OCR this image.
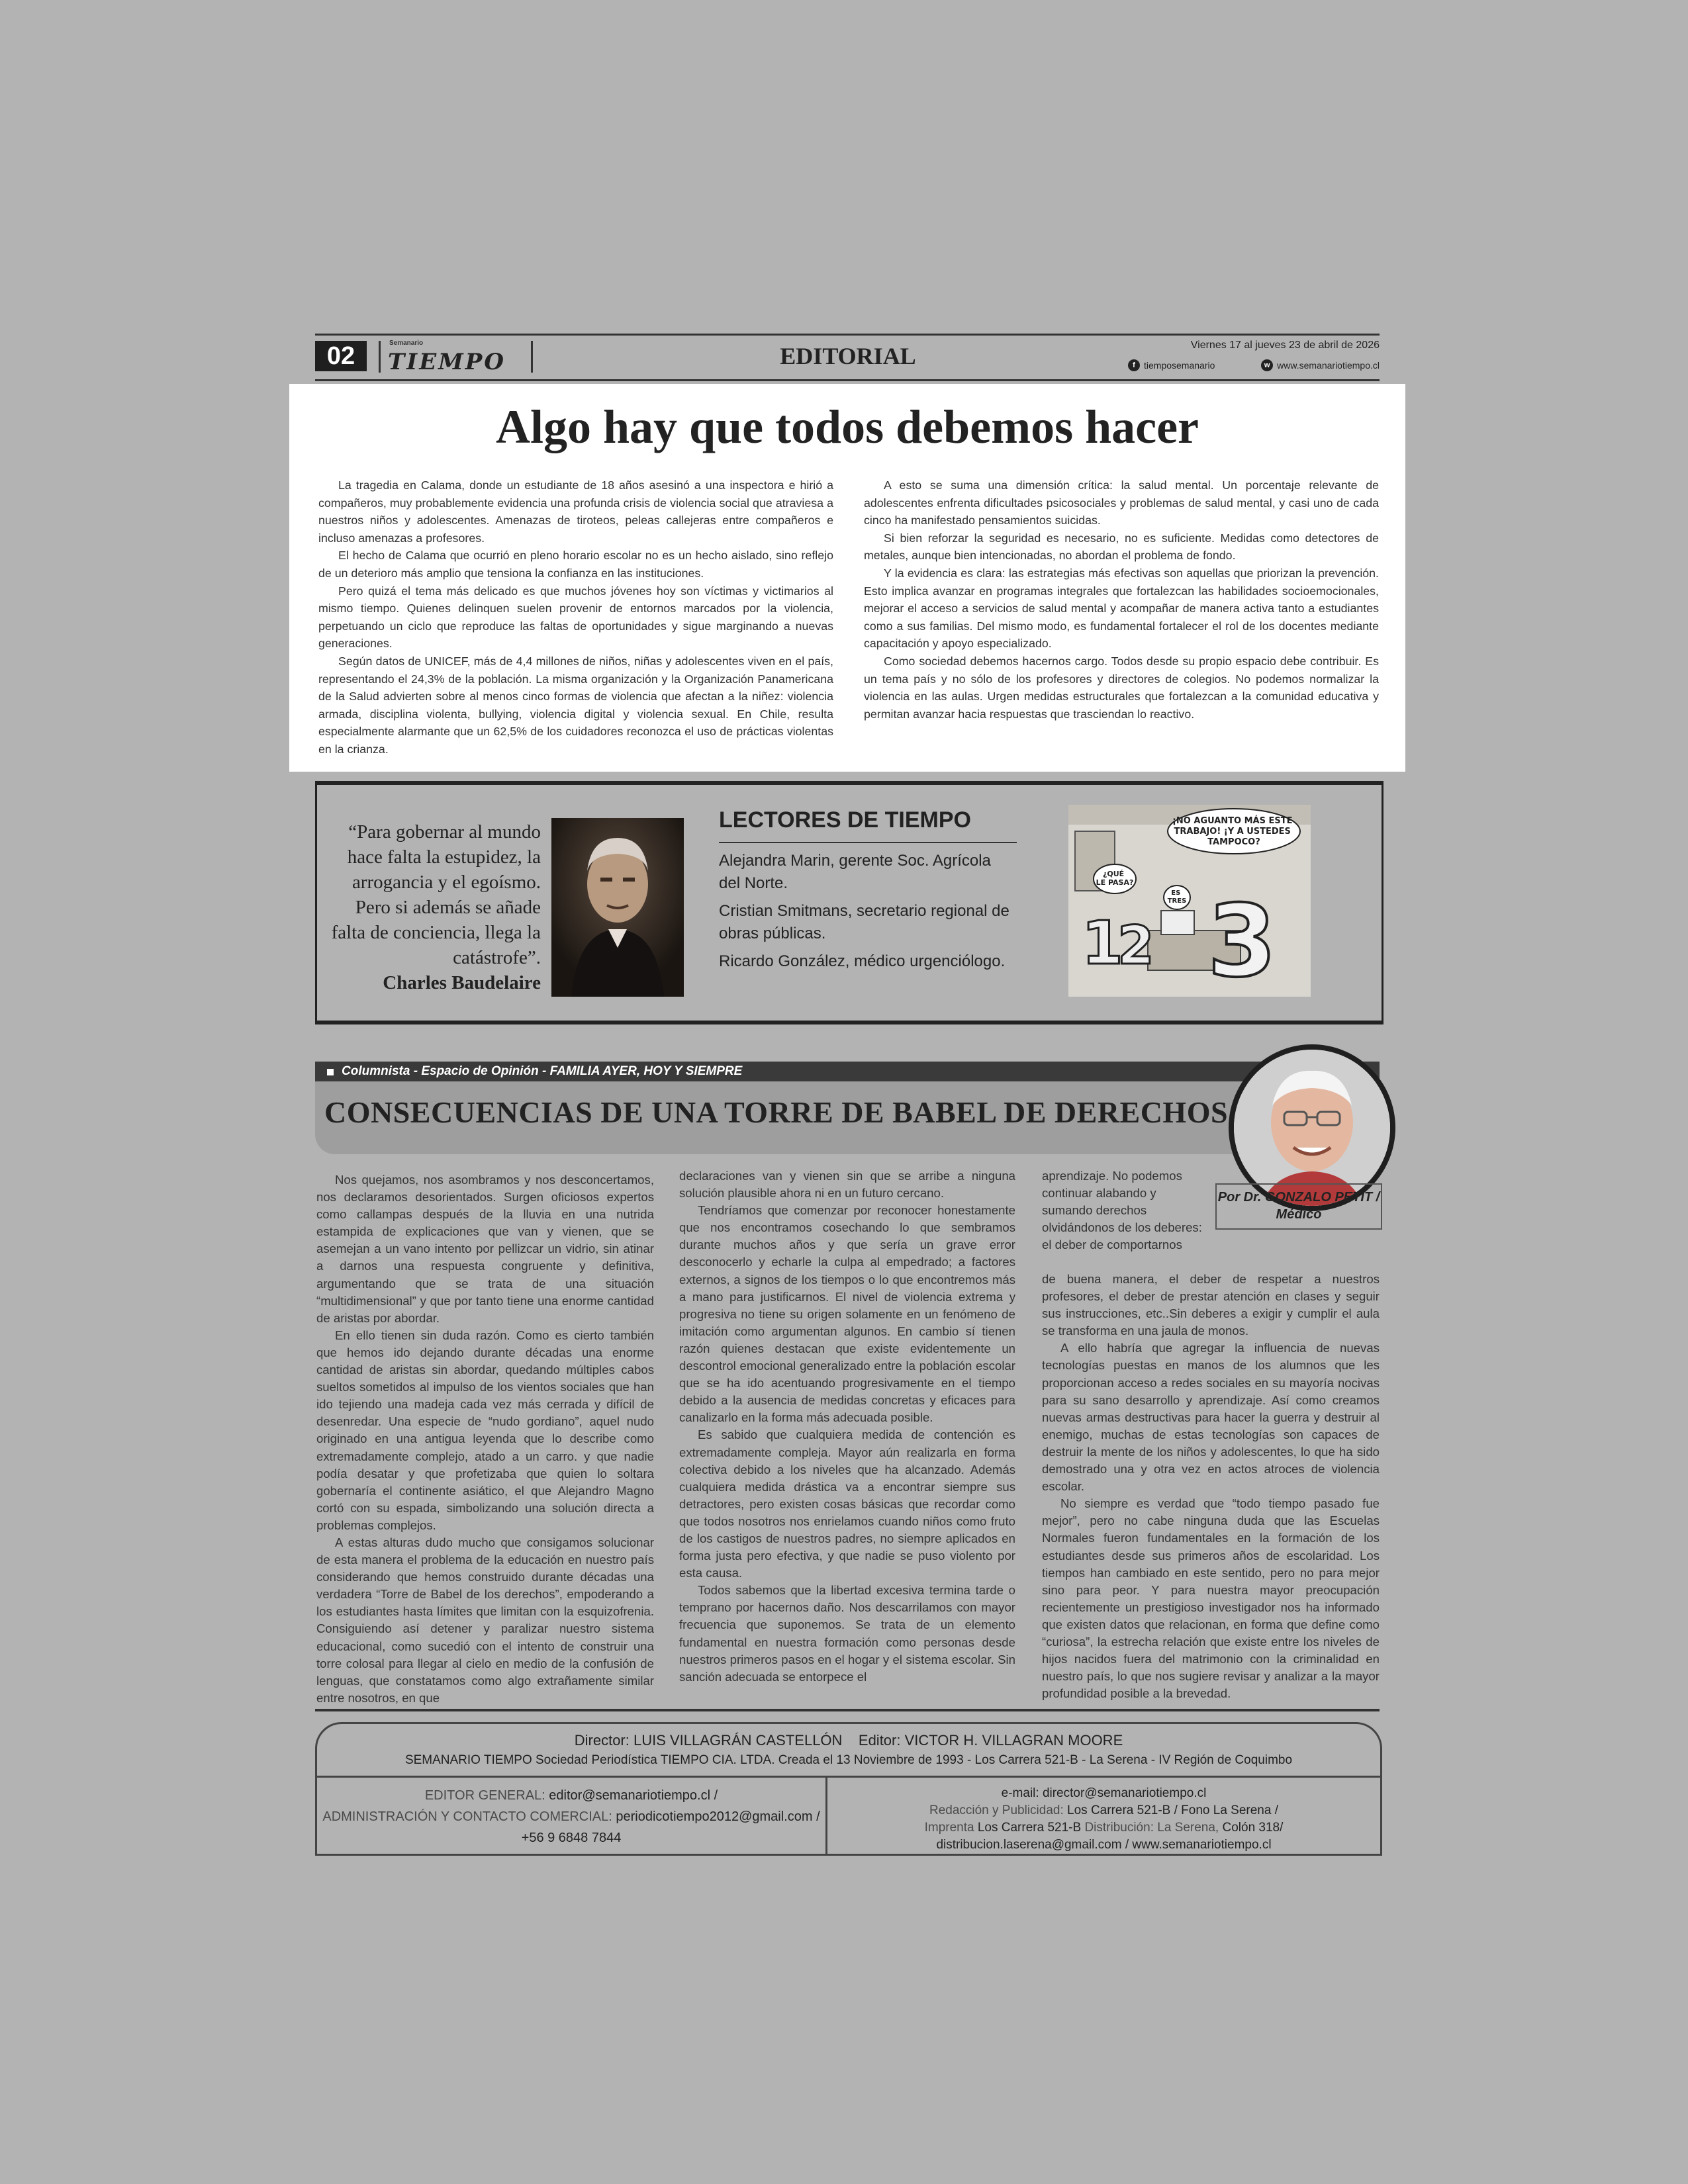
02	Semanario
TIEMPO	EDITORIAL	Viernes 17 al jueves 23 de abril de 2026
f tiemposemanario	w www.semanariotiempo.cl
Algo hay que todos debemos hacer

La tragedia en Calama, donde un estudiante de 18 años asesinó a una inspectora e hirió a compañeros, muy probablemente evidencia una profunda crisis de violencia social que atraviesa a nuestros niños y adolescentes. Amenazas de tiroteos, peleas callejeras entre compañeros e incluso amenazas a profesores.

El hecho de Calama que ocurrió en pleno horario escolar no es un hecho aislado, sino reflejo de un deterioro más amplio que tensiona la confianza en las instituciones.

Pero quizá el tema más delicado es que muchos jóvenes hoy son víctimas y victimarios al mismo tiempo. Quienes delinquen suelen provenir de entornos marcados por la violencia, perpetuando un ciclo que reproduce las faltas de oportunidades y sigue marginando a nuevas generaciones.

Según datos de UNICEF, más de 4,4 millones de niños, niñas y adolescentes viven en el país, representando el 24,3% de la población. La misma organización y la Organización Panamericana de la Salud advierten sobre al menos cinco formas de violencia que afectan a la niñez: violencia armada, disciplina violenta, bullying, violencia digital y violencia sexual. En Chile, resulta especialmente alarmante que un 62,5% de los cuidadores reconozca el uso de prácticas violentas en la crianza.

A esto se suma una dimensión crítica: la salud mental. Un porcentaje relevante de adolescentes enfrenta dificultades psicosociales y problemas de salud mental, y casi uno de cada cinco ha manifestado pensamientos suicidas.

Si bien reforzar la seguridad es necesario, no es suficiente. Medidas como detectores de metales, aunque bien intencionadas, no abordan el problema de fondo.

Y la evidencia es clara: las estrategias más efectivas son aquellas que priorizan la prevención. Esto implica avanzar en programas integrales que fortalezcan las habilidades socioemocionales, mejorar el acceso a servicios de salud mental y acompañar de manera activa tanto a estudiantes como a sus familias. Del mismo modo, es fundamental fortalecer el rol de los docentes mediante capacitación y apoyo especializado.

Como sociedad debemos hacernos cargo. Todos desde su propio espacio debe contribuir. Es un tema país y no sólo de los profesores y directores de colegios. No podemos normalizar la violencia en las aulas. Urgen medidas estructurales que fortalezcan a la comunidad educativa y permitan avanzar hacia respuestas que trasciendan lo reactivo.

“Para gobernar al mundo hace falta la estupidez, la arrogancia y el egoísmo. Pero si además se añade falta de conciencia, llega la catástrofe”.
Charles Baudelaire
LECTORES DE TIEMPO
Alejandra Marin, gerente Soc. Agrícola del Norte.
Cristian Smitmans, secretario regional de obras públicas.
Ricardo González, médico urgenciólogo. 1
2 3
¡NO AGUANTO MÁS ESTE TRABAJO! ¡Y A USTEDES TAMPOCO?
¿QUÉ LE PASA?
ES TRES
Columnista - Espacio de Opinión - FAMILIA AYER, HOY Y SIEMPRE
CONSECUENCIAS DE UNA TORRE DE BABEL DE DERECHOS
Por Dr. GONZALO PETIT / Médico

Nos quejamos, nos asombramos y nos desconcertamos, nos declaramos desorientados. Surgen oficiosos expertos como callampas después de la lluvia en una nutrida estampida de explicaciones que van y vienen, que se asemejan a un vano intento por pellizcar un vidrio, sin atinar a darnos una respuesta congruente y definitiva, argumentando que se trata de una situación “multidimensional” y que por tanto tiene una enorme cantidad de aristas por abordar.

En ello tienen sin duda razón. Como es cierto también que hemos ido dejando durante décadas una enorme cantidad de aristas sin abordar, quedando múltiples cabos sueltos sometidos al impulso de los vientos sociales que han ido tejiendo una madeja cada vez más cerrada y difícil de desenredar. Una especie de “nudo gordiano”, aquel nudo originado en una antigua leyenda que lo describe como extremadamente complejo, atado a un carro. y que nadie podía desatar y que profetizaba que quien lo soltara gobernaría el continente asiático, el que Alejandro Magno cortó con su espada, simbolizando una solución directa a problemas complejos.

A estas alturas dudo mucho que consigamos solucionar de esta manera el problema de la educación en nuestro país considerando que hemos construido durante décadas una verdadera “Torre de Babel de los derechos”, empoderando a los estudiantes hasta límites que limitan con la esquizofrenia. Consiguiendo así detener y paralizar nuestro sistema educacional, como sucedió con el intento de construir una torre colosal para llegar al cielo en medio de la confusión de lenguas, que constatamos como algo extrañamente similar entre nosotros, en que

declaraciones van y vienen sin que se arribe a ninguna solución plausible ahora ni en un futuro cercano.

Tendríamos que comenzar por reconocer honestamente que nos encontramos cosechando lo que sembramos durante muchos años y que sería un grave error desconocerlo y echarle la culpa al empedrado; a factores externos, a signos de los tiempos o lo que encontremos más a mano para justificarnos. El nivel de violencia extrema y progresiva no tiene su origen solamente en un fenómeno de imitación como argumentan algunos. En cambio sí tienen razón quienes destacan que existe evidentemente un descontrol emocional generalizado entre la población escolar que se ha ido acentuando progresivamente en el tiempo debido a la ausencia de medidas concretas y eficaces para canalizarlo en la forma más adecuada posible.

Es sabido que cualquiera medida de contención es extremadamente compleja. Mayor aún realizarla en forma colectiva debido a los niveles que ha alcanzado. Además cualquiera medida drástica va a encontrar siempre sus detractores, pero existen cosas básicas que recordar como que todos nosotros nos enrielamos cuando niños como fruto de los castigos de nuestros padres, no siempre aplicados en forma justa pero efectiva, y que nadie se puso violento por esta causa.

Todos sabemos que la libertad excesiva termina tarde o temprano por hacernos daño. Nos descarrilamos con mayor frecuencia que suponemos. Se trata de un elemento fundamental en nuestra formación como personas desde nuestros primeros pasos en el hogar y el sistema escolar. Sin sanción adecuada se entorpece el

aprendizaje. No podemos continuar alabando y sumando derechos olvidándonos de los deberes: el deber de comportarnos

de buena manera, el deber de respetar a nuestros profesores, el deber de prestar atención en clases y seguir sus instrucciones, etc..Sin deberes a exigir y cumplir el aula se transforma en una jaula de monos.

A ello habría que agregar la influencia de nuevas tecnologías puestas en manos de los alumnos que les proporcionan acceso a redes sociales en su mayoría nocivas para su sano desarrollo y aprendizaje. Así como creamos nuevas armas destructivas para hacer la guerra y destruir al enemigo, muchas de estas tecnologías son capaces de destruir la mente de los niños y adolescentes, lo que ha sido demostrado una y otra vez en actos atroces de violencia escolar.

No siempre es verdad que “todo tiempo pasado fue mejor”, pero no cabe ninguna duda que las Escuelas Normales fueron fundamentales en la formación de los estudiantes desde sus primeros años de escolaridad. Los tiempos han cambiado en este sentido, pero no para mejor sino para peor. Y para nuestra mayor preocupación recientemente un prestigioso investigador nos ha informado que existen datos que relacionan, en forma que define como “curiosa”, la estrecha relación que existe entre los niveles de hijos nacidos fuera del matrimonio con la criminalidad en nuestro país, lo que nos sugiere revisar y analizar a la mayor profundidad posible a la brevedad.

Director: LUIS VILLAGRÁN CASTELLÓN Editor: VICTOR H. VILLAGRAN MOORE
SEMANARIO TIEMPO Sociedad Periodística TIEMPO CIA. LTDA. Creada el 13 Noviembre de 1993 - Los Carrera 521-B - La Serena - IV Región de Coquimbo
EDITOR GENERAL: editor@semanariotiempo.cl /
ADMINISTRACIÓN Y CONTACTO COMERCIAL: periodicotiempo2012@gmail.com /
+56 9 6848 7844
e-mail: director@semanariotiempo.cl
Redacción y Publicidad: Los Carrera 521-B / Fono La Serena /
Imprenta Los Carrera 521-B Distribución: La Serena, Colón 318/
distribucion.laserena@gmail.com / www.semanariotiempo.cl
